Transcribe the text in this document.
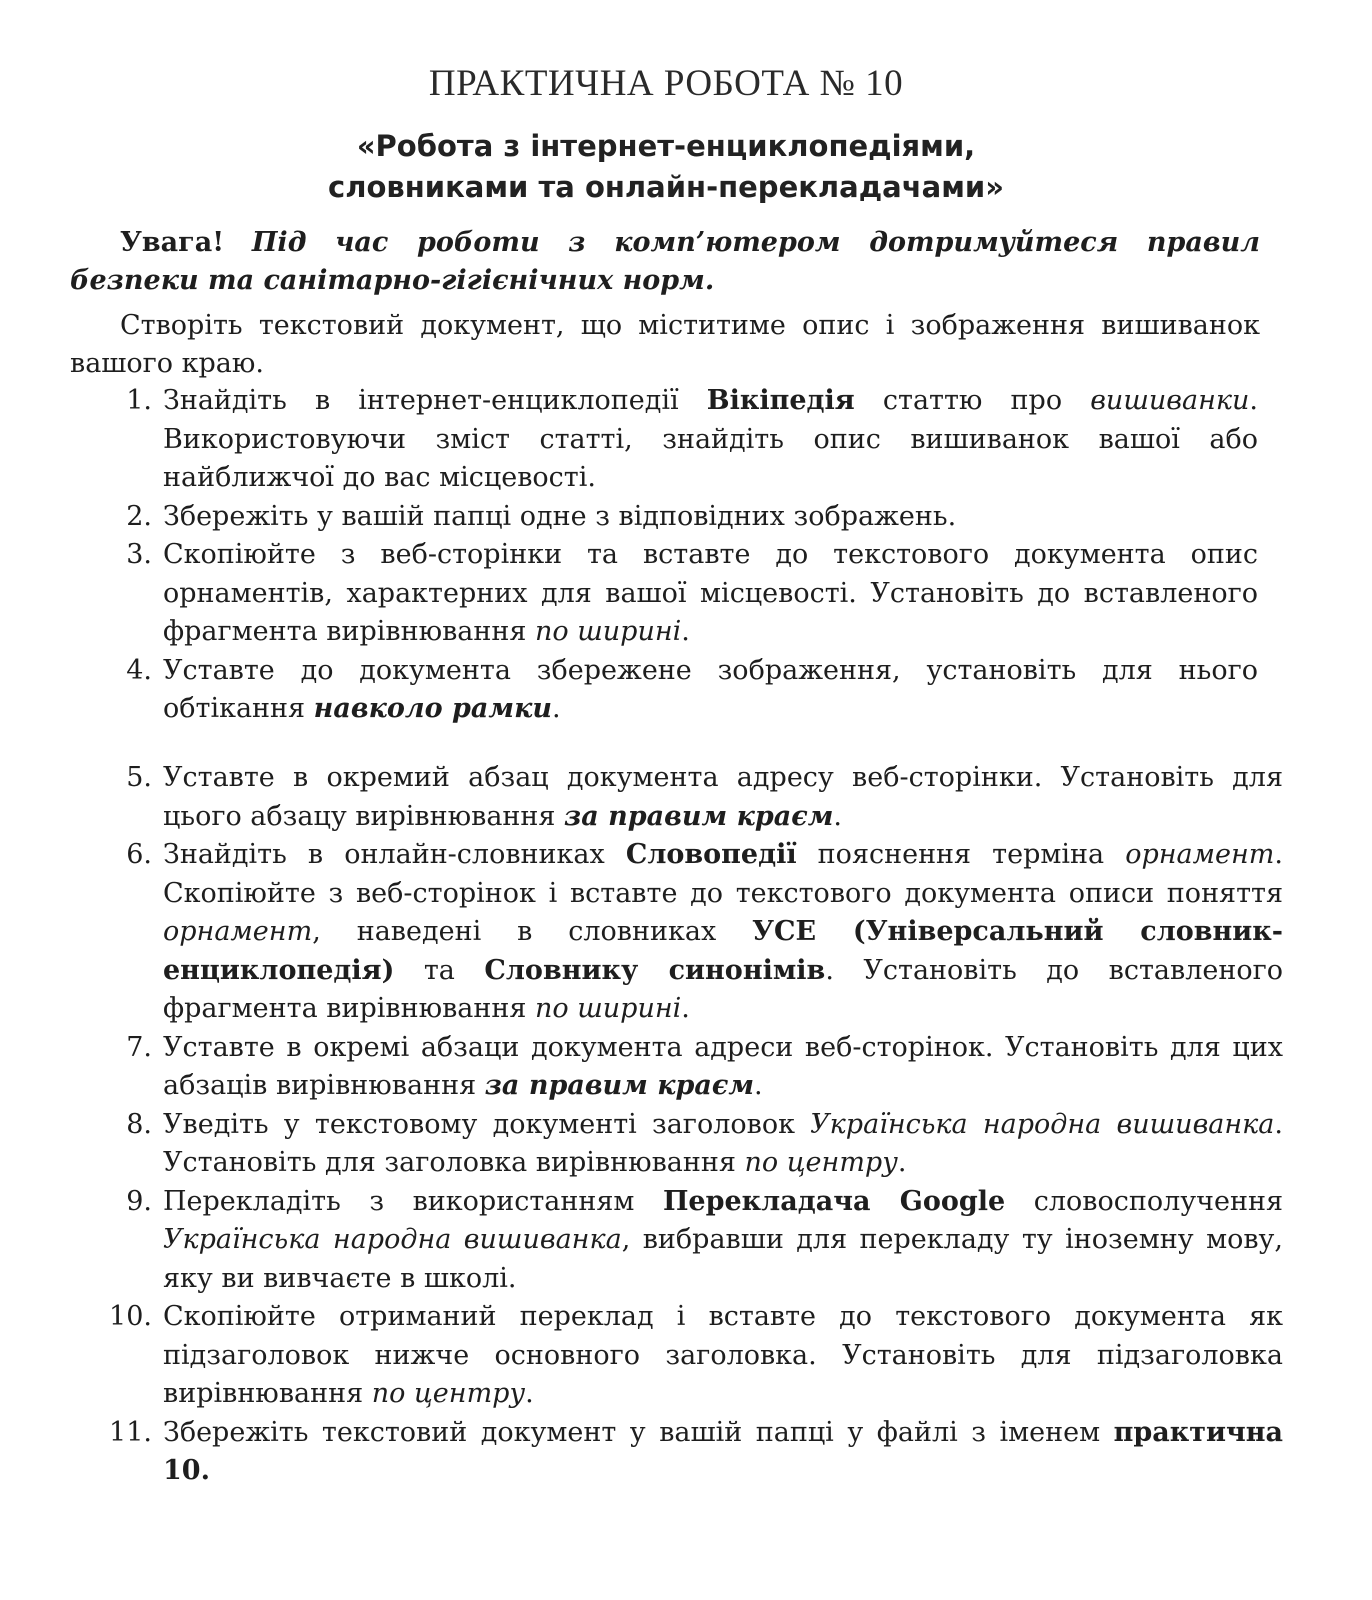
ПРАКТИЧНА РОБОТА № 10
«Робота з інтернет-енциклопедіями,
словниками та онлайн-перекладачами»
Увага! Під час роботи з комп’ютером дотримуйтеся правил безпеки та санітарно-гігієнічних норм.
Створіть текстовий документ, що міститиме опис і зображення вишиванок вашого краю.
1. Знайдіть в інтернет-енциклопедії Вікіпедія статтю про вишиванки. Використовуючи зміст статті, знайдіть опис вишиванок вашої або найближчої до вас місцевості.
2. Збережіть у вашій папці одне з відповідних зображень.
3. Скопіюйте з веб-сторінки та вставте до текстового документа опис орнаментів, характерних для вашої місцевості. Установіть до вставленого фрагмента вирівнювання по ширині.
4. Уставте до документа збережене зображення, установіть для нього обтікання навколо рамки.
5. Уставте в окремий абзац документа адресу веб-сторінки. Установіть для цього абзацу вирівнювання за правим краєм.
6. Знайдіть в онлайн-словниках Словопедії пояснення терміна орнамент. Скопіюйте з веб-сторінок і вставте до текстового документа описи поняття орнамент, наведені в словниках УСЕ (Універсальний словник-енциклопедія) та Словнику синонімів. Установіть до вставленого фрагмента вирівнювання по ширині.
7. Уставте в окремі абзаци документа адреси веб-сторінок. Установіть для цих абзаців вирівнювання за правим краєм.
8. Уведіть у текстовому документі заголовок Українська народна вишиванка. Установіть для заголовка вирівнювання по центру.
9. Перекладіть з використанням Перекладача Google словосполучення Українська народна вишиванка, вибравши для перекладу ту іноземну мову, яку ви вивчаєте в школі.
10. Скопіюйте отриманий переклад і вставте до текстового документа як підзаголовок нижче основного заголовка. Установіть для підзаголовка вирівнювання по центру.
11. Збережіть текстовий документ у вашій папці у файлі з іменем практична 10.
